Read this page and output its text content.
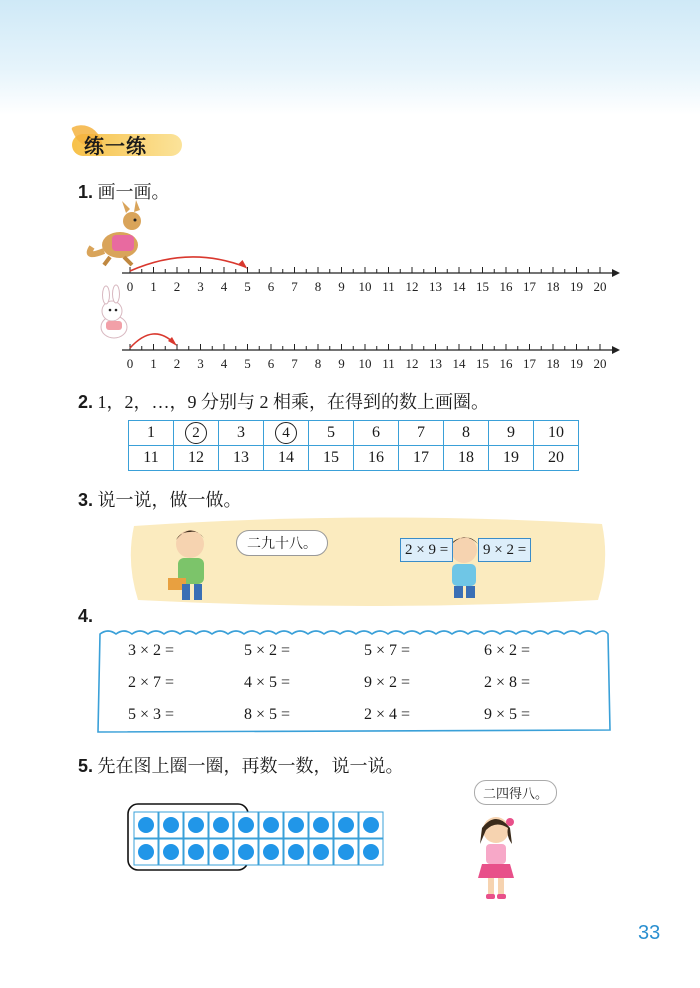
练一练
1. 画一画。
0 1 2 3 4 5 6 7 8 9 10 11 12 13 14 15 16 17 18 19 20
0 1 2 3 4 5 6 7 8 9 10 11 12 13 14 15 16 17 18 19 20
2. 1，2，…，9 分别与 2 相乘，在得到的数上画圈。
1	2	3	4	5	6	7	8	9	10
11	12	13	14	15	16	17	18	19	20
3. 说一说，做一做。
二九十八。	2 × 9 =	9 × 2 =
4.
3 × 2 =	5 × 2 =	5 × 7 =	6 × 2 =
2 × 7 =	4 × 5 =	9 × 2 =	2 × 8 =
5 × 3 =	8 × 5 =	2 × 4 =	9 × 5 =
5. 先在图上圈一圈，再数一数，说一说。
二四得八。
33
